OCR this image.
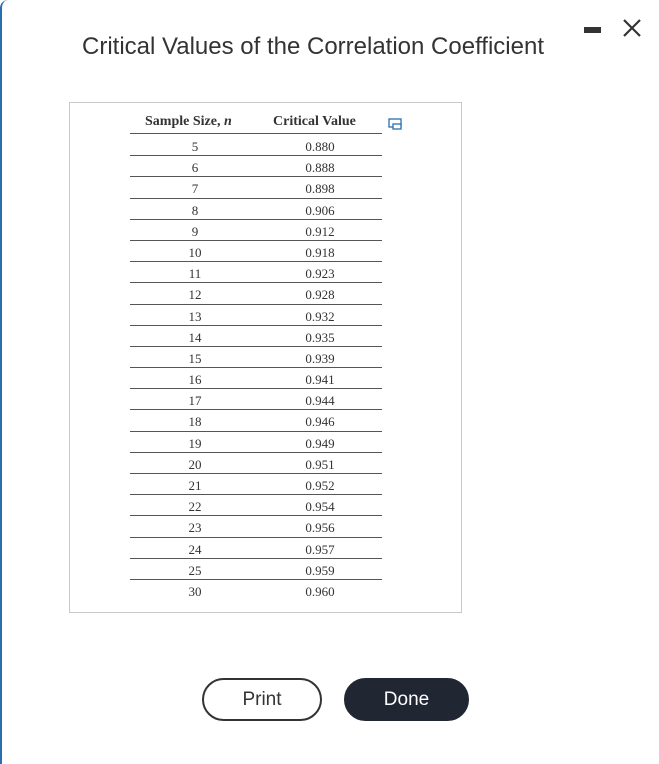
Critical Values of the Correlation Coefficient
Sample Size, n	Critical Value
5	0.880
6	0.888
7	0.898
8	0.906
9	0.912
10	0.918
11	0.923
12	0.928
13	0.932
14	0.935
15	0.939
16	0.941
17	0.944
18	0.946
19	0.949
20	0.951
21	0.952
22	0.954
23	0.956
24	0.957
25	0.959
30	0.960
Print	Done
